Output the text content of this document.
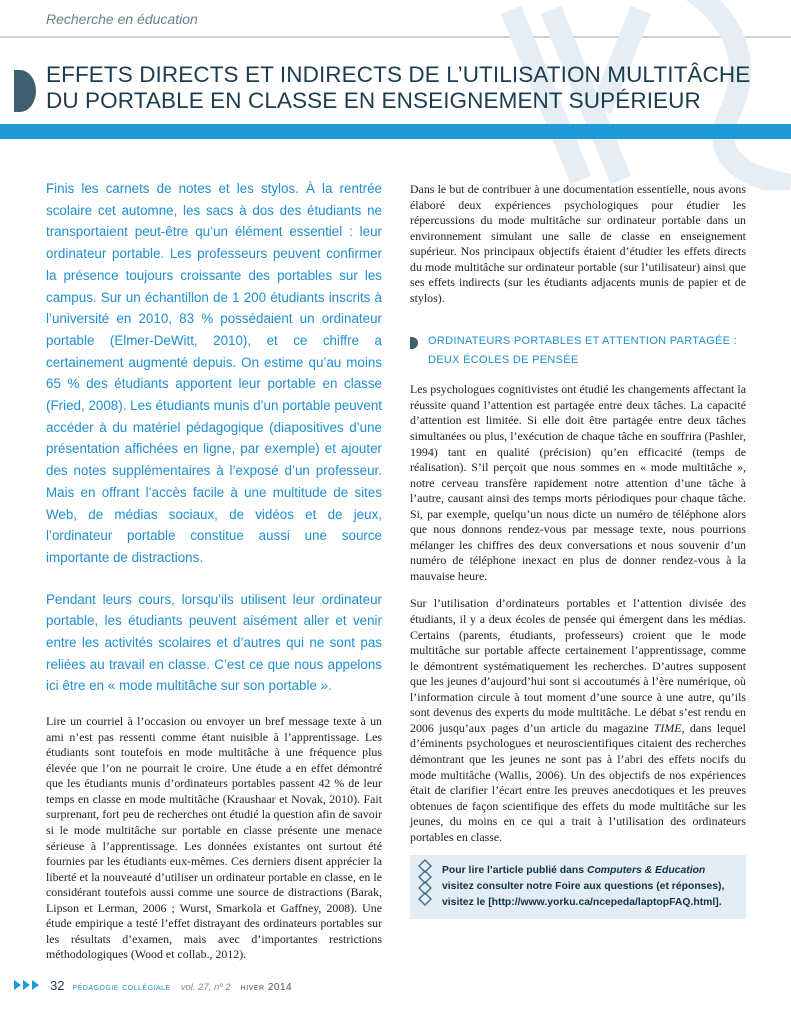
Recherche en éducation
EFFETS DIRECTS ET INDIRECTS DE L’UTILISATION MULTITÂCHE
DU PORTABLE EN CLASSE EN ENSEIGNEMENT SUPÉRIEUR

Finis les carnets de notes et les stylos. À la rentrée scolaire cet automne, les sacs à dos des étudiants ne transportaient peut-être qu’un élément essentiel : leur ordinateur portable. Les professeurs peuvent confirmer la présence toujours croissante des portables sur les campus. Sur un échantillon de 1 200 étudiants inscrits à l’université en 2010, 83 % possédaient un ordinateur portable (Elmer-DeWitt, 2010), et ce chiffre a certainement augmenté depuis. On estime qu’au moins 65 % des étudiants apportent leur portable en classe (Fried, 2008). Les étudiants munis d’un portable peuvent accéder à du matériel pédagogique (diapositives d’une présentation affichées en ligne, par exemple) et ajouter des notes supplémentaires à l’exposé d’un professeur. Mais en offrant l’accès facile à une multitude de sites Web, de médias sociaux, de vidéos et de jeux, l’ordinateur portable constitue aussi une source importante de distractions.

Pendant leurs cours, lorsqu’ils utilisent leur ordinateur portable, les étudiants peuvent aisément aller et venir entre les activités scolaires et d’autres qui ne sont pas reliées au travail en classe. C’est ce que nous appelons ici être en « mode multitâche sur son portable ».

Lire un courriel à l’occasion ou envoyer un bref message texte à un ami n’est pas ressenti comme étant nuisible à l’apprentissage. Les étudiants sont toutefois en mode multitâche à une fréquence plus élevée que l’on ne pourrait le croire. Une étude a en effet démontré que les étudiants munis d’ordinateurs portables passent 42 % de leur temps en classe en mode multitâche (Kraushaar et Novak, 2010). Fait surprenant, fort peu de recherches ont étudié la question afin de savoir si le mode multitâche sur portable en classe présente une menace sérieuse à l’apprentissage. Les données existantes ont surtout été fournies par les étudiants eux-mêmes. Ces derniers disent apprécier la liberté et la nouveauté d’utiliser un ordinateur portable en classe, en le considérant toutefois aussi comme une source de distractions (Barak, Lipson et Lerman, 2006 ; Wurst, Smarkola et Gaffney, 2008). Une étude empirique a testé l’effet distrayant des ordinateurs portables sur les résultats d’examen, mais avec d’importantes restrictions méthodologiques (Wood et collab., 2012).

Dans le but de contribuer à une documentation essentielle, nous avons élaboré deux expériences psychologiques pour étudier les répercussions du mode multitâche sur ordinateur portable dans un environnement simulant une salle de classe en enseignement supérieur. Nos principaux objectifs étaient d’étudier les effets directs du mode multitâche sur ordinateur portable (sur l’utilisateur) ainsi que ses effets indirects (sur les étudiants adjacents munis de papier et de stylos).

ORDINATEURS PORTABLES ET ATTENTION PARTAGÉE :
DEUX ÉCOLES DE PENSÉE

Les psychologues cognitivistes ont étudié les changements affectant la réussite quand l’attention est partagée entre deux tâches. La capacité d’attention est limitée. Si elle doit être partagée entre deux tâches simultanées ou plus, l’exécution de chaque tâche en souffrira (Pashler, 1994) tant en qualité (précision) qu’en efficacité (temps de réalisation). S’il perçoit que nous sommes en « mode multitâche », notre cerveau transfère rapidement notre attention d’une tâche à l’autre, causant ainsi des temps morts périodiques pour chaque tâche. Si, par exemple, quelqu’un nous dicte un numéro de téléphone alors que nous donnons rendez-vous par message texte, nous pourrions mélanger les chiffres des deux conversations et nous souvenir d’un numéro de téléphone inexact en plus de donner rendez-vous à la mauvaise heure.

Sur l’utilisation d’ordinateurs portables et l’attention divisée des étudiants, il y a deux écoles de pensée qui émergent dans les médias. Certains (parents, étudiants, professeurs) croient que le mode multitâche sur portable affecte certainement l’apprentissage, comme le démontrent systématiquement les recherches. D’autres supposent que les jeunes d’aujourd’hui sont si accoutumés à l’ère numérique, où l’information circule à tout moment d’une source à une autre, qu’ils sont devenus des experts du mode multitâche. Le débat s’est rendu en 2006 jusqu’aux pages d’un article du magazine TIME, dans lequel d’éminents psychologues et neuroscientifiques citaient des recherches démontrant que les jeunes ne sont pas à l’abri des effets nocifs du mode multitâche (Wallis, 2006). Un des objectifs de nos expériences était de clarifier l’écart entre les preuves anecdotiques et les preuves obtenues de façon scientifique des effets du mode multitâche sur les jeunes, du moins en ce qui a trait à l’utilisation des ordinateurs portables en classe.

Pour lire l’article publié dans Computers & Education visitez consulter notre Foire aux questions (et réponses), visitez le [http://www.yorku.ca/ncepeda/laptopFAQ.html].
32 pédagogie collégiale vol. 27, nº 2 hiver 2014
